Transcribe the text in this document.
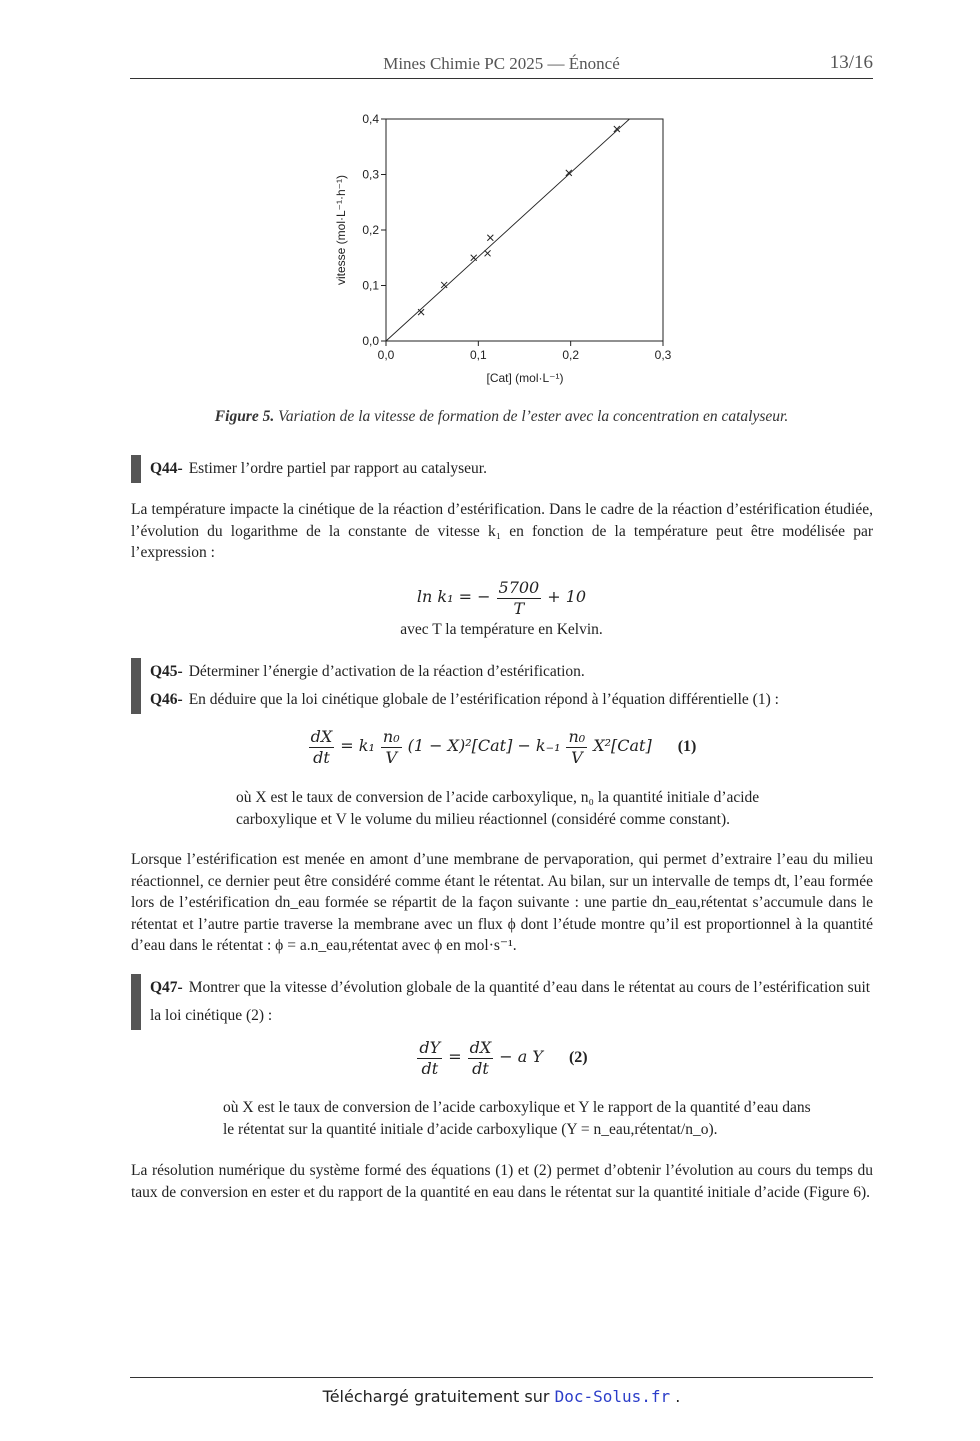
Mines Chimie PC 2025 — Énoncé	13/16
0,0
0,1
0,2
0,3
0,4
0,0	0,1	0,2	0,3
vitesse (mol·L⁻¹·h⁻¹)
[Cat] (mol·L⁻¹)
Figure 5. Variation de la vitesse de formation de l’ester avec la concentration en catalyseur.
Q44- Estimer l’ordre partiel par rapport au catalyseur.
La température impacte la cinétique de la réaction d’estérification. Dans le cadre de la réaction d’estérification étudiée, l’évolution du logarithme de la constante de vitesse k₁ en fonction de la température peut être modélisée par l’expression :
ln k₁ = − $\frac{5700}{T} + 10$
avec T la température en Kelvin.
Q45- Déterminer l’énergie d’activation de la réaction d’estérification.
Q46- En déduire que la loi cinétique globale de l’estérification répond à l’équation différentielle (1) :
$\frac{dX}{dt} = k_1 \frac{\text{n₀}}{V} (1 - X)^2[Cat] - k_{-1} \frac{\text{n₀}}{V} X^2[Cat]$ (1)
où X est le taux de conversion de l’acide carboxylique, n₀ la quantité initiale d’acide carboxylique et V le volume du milieu réactionnel (considéré comme constant).
Lorsque l’estérification est menée en amont d’une membrane de pervaporation, qui permet d’extraire l’eau du milieu réactionnel, ce dernier peut être considéré comme étant le rétentat. Au bilan, sur un intervalle de temps dt, l’eau formée lors de l’estérification dn_eau formée se répartit de la façon suivante : une partie dn_eau,rétentat s’accumule dans le rétentat et l’autre partie traverse la membrane avec un flux ϕ dont l’étude montre qu’il est proportionnel à la quantité d’eau dans le rétentat : ϕ = a.n_eau,rétentat avec ϕ en mol·s⁻¹.
Q47- Montrer que la vitesse d’évolution globale de la quantité d’eau dans le rétentat au cours de l’estérification suit la loi cinétique (2) :
$\frac{dY}{dt} = \frac{dX}{dt} - a$ Y (2)
où X est le taux de conversion de l’acide carboxylique et Y le rapport de la quantité d’eau dans le rétentat sur la quantité initiale d’acide carboxylique (Y = n_eau,rétentat/n_o).
La résolution numérique du système formé des équations (1) et (2) permet d’obtenir l’évolution au cours du temps du taux de conversion en ester et du rapport de la quantité en eau dans le rétentat sur la quantité initiale d’acide (Figure 6).
Téléchargé gratuitement sur Doc-Solus.fr .
